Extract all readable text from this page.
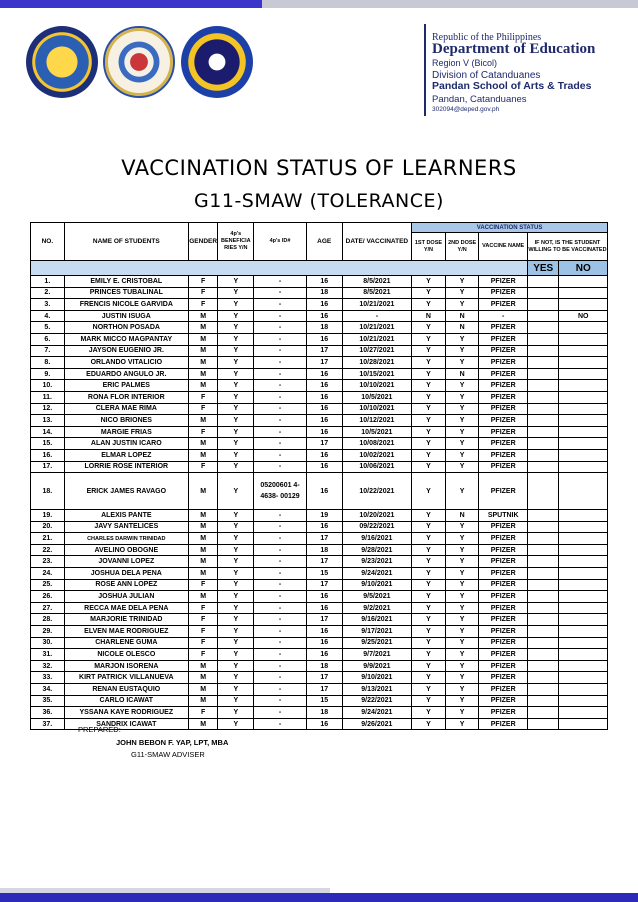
Republic of the Philippines
Department of Education
Region V (Bicol)
Division of Catanduanes
Pandan School of Arts & Trades
Pandan, Catanduanes
302094@deped.gov.ph
VACCINATION STATUS OF LEARNERS
G11-SMAW (TOLERANCE)
NO.	NAME OF STUDENTS	GENDER	4p's BENEFICIA RIES Y/N	4p's ID#	AGE	DATE/ VACCINATED	VACCINATION STATUS				
							1ST DOSE Y/N	2ND DOSE Y/N	VACCINE NAME	IF NOT, IS THE STUDENT WILLING TO BE VACCINATED	
										YES	NO
1.	EMILY E. CRISTOBAL	F	Y	-	16	8/5/2021	Y	Y	PFIZER		
2.	PRINCES TUBALINAL	F	Y	-	18	8/5/2021	Y	Y	PFIZER		
3.	FRENCIS NICOLE GARVIDA	F	Y	-	16	10/21/2021	Y	Y	PFIZER		
4.	JUSTIN ISUGA	M	Y	-	16	-	N	N	-		NO
5.	NORTHON POSADA	M	Y	-	18	10/21/2021	Y	N	PFIZER		
6.	MARK MICCO MAGPANTAY	M	Y	-	16	10/21/2021	Y	Y	PFIZER		
7.	JAYSON EUGENIO JR.	M	Y	-	17	10/27/2021	Y	Y	PFIZER		
8.	ORLANDO VITALICIO	M	Y	-	17	10/28/2021	Y	Y	PFIZER		
9.	EDUARDO ANGULO JR.	M	Y	-	16	10/15/2021	Y	N	PFIZER		
10.	ERIC PALMES	M	Y	-	16	10/10/2021	Y	Y	PFIZER		
11.	RONA FLOR INTERIOR	F	Y	-	16	10/5/2021	Y	Y	PFIZER		
12.	CLERA MAE RIMA	F	Y	-	16	10/10/2021	Y	Y	PFIZER		
13.	NICO BRIONES	M	Y	-	16	10/12/2021	Y	Y	PFIZER		
14.	MARGIE FRIAS	F	Y	-	16	10/5/2021	Y	Y	PFIZER		
15.	ALAN JUSTIN ICARO	M	Y	-	17	10/08/2021	Y	Y	PFIZER		
16.	ELMAR LOPEZ	M	Y	-	16	10/02/2021	Y	Y	PFIZER		
17.	LORRIE ROSE INTERIOR	F	Y	-	16	10/06/2021	Y	Y	PFIZER		
18.	ERICK JAMES RAVAGO	M	Y	05200601 4-4638- 00129	16	10/22/2021	Y	Y	PFIZER		
19.	ALEXIS PANTE	M	Y	-	19	10/20/2021	Y	N	SPUTNIK		
20.	JAVY SANTELICES	M	Y	-	16	09/22/2021	Y	Y	PFIZER		
21.	CHARLES DARWIN TRINIDAD	M	Y	-	17	9/16/2021	Y	Y	PFIZER		
22.	AVELINO OBOGNE	M	Y	-	18	9/28/2021	Y	Y	PFIZER		
23.	JOVANNI LOPEZ	M	Y	-	17	9/23/2021	Y	Y	PFIZER		
24.	JOSHUA DELA PENA	M	Y	-	15	9/24/2021	Y	Y	PFIZER		
25.	ROSE ANN LOPEZ	F	Y	-	17	9/10/2021	Y	Y	PFIZER		
26.	JOSHUA JULIAN	M	Y	-	16	9/5/2021	Y	Y	PFIZER		
27.	RECCA MAE DELA PENA	F	Y	-	16	9/2/2021	Y	Y	PFIZER		
28.	MARJORIE TRINIDAD	F	Y	-	17	9/16/2021	Y	Y	PFIZER		
29.	ELVEN MAE RODRIGUEZ	F	Y	-	16	9/17/2021	Y	Y	PFIZER		
30.	CHARLENE GUMA	F	Y	-	16	9/25/2021	Y	Y	PFIZER		
31.	NICOLE OLESCO	F	Y	-	16	9/7/2021	Y	Y	PFIZER		
32.	MARJON ISORENA	M	Y	-	18	9/9/2021	Y	Y	PFIZER		
33.	KIRT PATRICK VILLANUEVA	M	Y	-	17	9/10/2021	Y	Y	PFIZER		
34.	RENAN EUSTAQUIO	M	Y	-	17	9/13/2021	Y	Y	PFIZER		
35.	CARLO ICAWAT	M	Y	-	15	9/22/2021	Y	Y	PFIZER		
36.	YSSANA KAYE RODRIGUEZ	F	Y	-	18	9/24/2021	Y	Y	PFIZER		
37.	SANDRIX ICAWAT	M	Y	-	16	9/26/2021	Y	Y	PFIZER		
PREPARED:
JOHN BEBON F. YAP, LPT, MBA
G11-SMAW ADVISER
